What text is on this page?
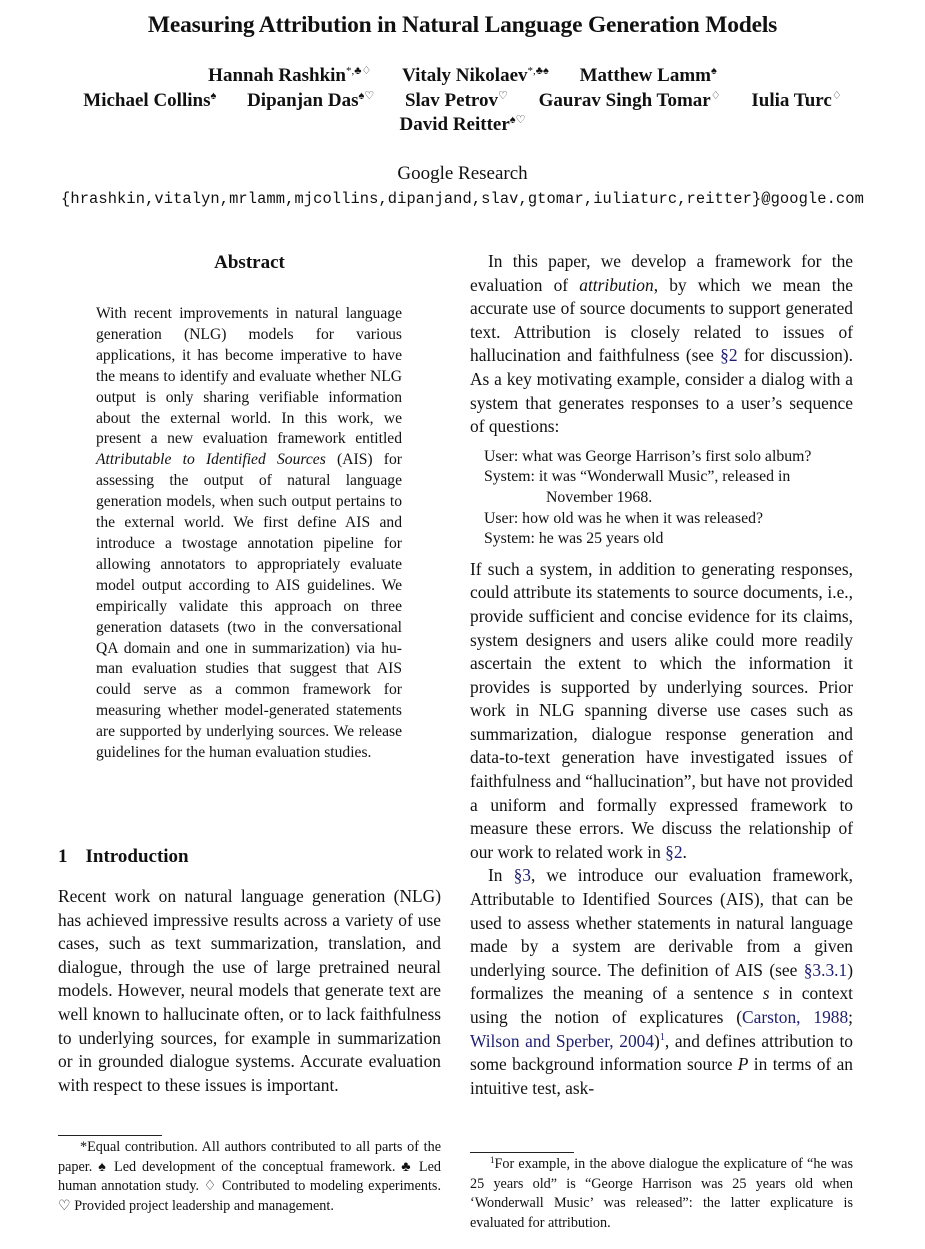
Measuring Attribution in Natural Language Generation Models
Hannah Rashkin*,♣♢ Vitaly Nikolaev*,♣♠ Matthew Lamm♠
Michael Collins♠ Dipanjan Das♠♡ Slav Petrov♡ Gaurav Singh Tomar♢ Iulia Turc♢
David Reitter♠♡
Google Research
{hrashkin,vitalyn,mrlamm,mjcollins,dipanjand,slav,gtomar,iuliaturc,reitter}@google.com
Abstract
With recent improvements in natural language generation (NLG) models for various applications, it has become imperative to have the means to identify and evaluate whether NLG output is only sharing verifiable information about the external world. In this work, we present a new evaluation framework entitled Attributable to Identified Sources (AIS) for assessing the output of natural language generation models, when such output pertains to the external world. We first define AIS and introduce a twostage annotation pipeline for allowing annotators to appropriately evaluate model output according to AIS guidelines. We empirically validate this approach on three generation datasets (two in the conversational QA domain and one in summarization) via human evaluation studies that suggest that AIS could serve as a common framework for measuring whether model-generated statements are supported by underlying sources. We release guidelines for the human evaluation studies.
1 Introduction
Recent work on natural language generation (NLG) has achieved impressive results across a variety of use cases, such as text summarization, translation, and dialogue, through the use of large pretrained neural models. However, neural models that generate text are well known to hallucinate often, or to lack faithfulness to underlying sources, for example in summarization or in grounded dialogue systems. Accurate evaluation with respect to these issues is important.
*Equal contribution. All authors contributed to all parts of the paper. ♠ Led development of the conceptual framework. ♣ Led human annotation study. ♢ Contributed to modeling experiments. ♡ Provided project leadership and management.

In this paper, we develop a framework for the evaluation of attribution, by which we mean the accurate use of source documents to support generated text. Attribution is closely related to issues of hallucination and faithfulness (see §2 for discussion). As a key motivating example, consider a dialog with a system that generates responses to a user’s sequence of questions:

User: what was George Harrison’s first solo album?
System: it was “Wonderwall Music”, released in
November 1968.
User: how old was he when it was released?
System: he was 25 years old

If such a system, in addition to generating responses, could attribute its statements to source documents, i.e., provide sufficient and concise evidence for its claims, system designers and users alike could more readily ascertain the extent to which the information it provides is supported by underlying sources. Prior work in NLG spanning diverse use cases such as summarization, dialogue response generation and data-to-text generation have investigated issues of faithfulness and “hallucination”, but have not provided a uniform and formally expressed framework to measure these errors. We discuss the relationship of our work to related work in §2.

In §3, we introduce our evaluation framework, Attributable to Identified Sources (AIS), that can be used to assess whether statements in natural language made by a system are derivable from a given underlying source. The definition of AIS (see §3.3.1) formalizes the meaning of a sentence s in context using the notion of explicatures (Carston, 1988; Wilson and Sperber, 2004)$^1$, and defines attribution to some background information source P in terms of an intuitive test, ask-

$^1$For example, in the above dialogue the explicature of “he was 25 years old” is “George Harrison was 25 years old when ‘Wonderwall Music’ was released”: the latter explicature is evaluated for attribution.
